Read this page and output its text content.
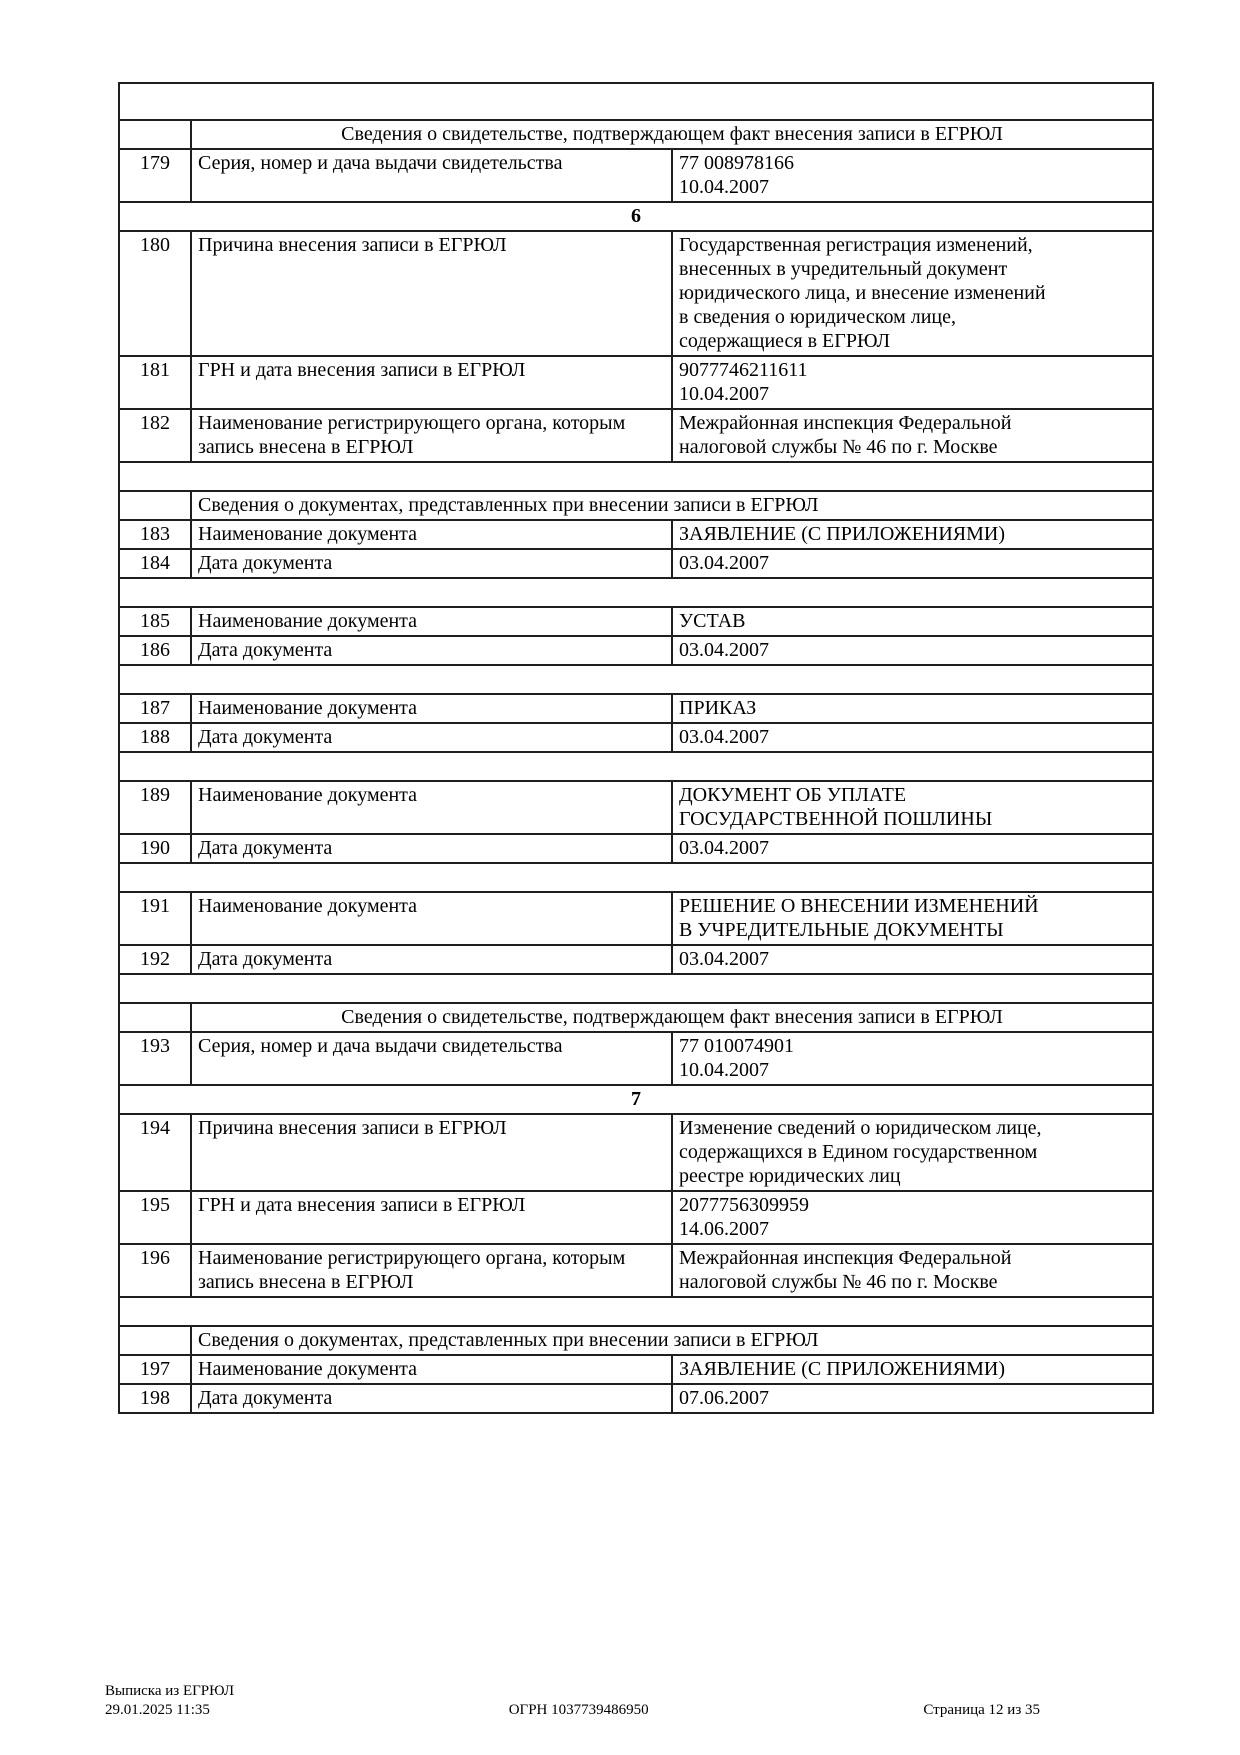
	Сведения о свидетельстве, подтверждающем факт внесения записи в ЕГРЮЛ	
179	Серия, номер и дача выдачи свидетельства	77 008978166
10.04.2007

6		
180	Причина внесения записи в ЕГРЮЛ	Государственная регистрация изменений,
внесенных в учредительный документ
юридического лица, и внесение изменений
в сведения о юридическом лице,
содержащиеся в ЕГРЮЛ

181	ГРН и дата внесения записи в ЕГРЮЛ	9077746211611
10.04.2007

182	Наименование регистрирующего органа, которым запись внесена в ЕГРЮЛ	Межрайонная инспекция Федеральной
налоговой службы № 46 по г. Москве

	Сведения о документах, представленных при внесении записи в ЕГРЮЛ	
183	Наименование документа	ЗАЯВЛЕНИЕ (С ПРИЛОЖЕНИЯМИ)

184	Дата документа	03.04.2007

185	Наименование документа	УСТАВ

186	Дата документа	03.04.2007

187	Наименование документа	ПРИКАЗ

188	Дата документа	03.04.2007

189	Наименование документа	ДОКУМЕНТ ОБ УПЛАТЕ
ГОСУДАРСТВЕННОЙ ПОШЛИНЫ

190	Дата документа	03.04.2007

191	Наименование документа	РЕШЕНИЕ О ВНЕСЕНИИ ИЗМЕНЕНИЙ
В УЧРЕДИТЕЛЬНЫЕ ДОКУМЕНТЫ

192	Дата документа	03.04.2007

	Сведения о свидетельстве, подтверждающем факт внесения записи в ЕГРЮЛ	
193	Серия, номер и дача выдачи свидетельства	77 010074901
10.04.2007

7		
194	Причина внесения записи в ЕГРЮЛ	Изменение сведений о юридическом лице,
содержащихся в Едином государственном
реестре юридических лиц

195	ГРН и дата внесения записи в ЕГРЮЛ	2077756309959
14.06.2007

196	Наименование регистрирующего органа, которым запись внесена в ЕГРЮЛ	Межрайонная инспекция Федеральной
налоговой службы № 46 по г. Москве

	Сведения о документах, представленных при внесении записи в ЕГРЮЛ	
197	Наименование документа	ЗАЯВЛЕНИЕ (С ПРИЛОЖЕНИЯМИ)

198	Дата документа	07.06.2007
Выписка из ЕГРЮЛ
29.01.2025 11:35	ОГРН 1037739486950	Страница 12 из 35
